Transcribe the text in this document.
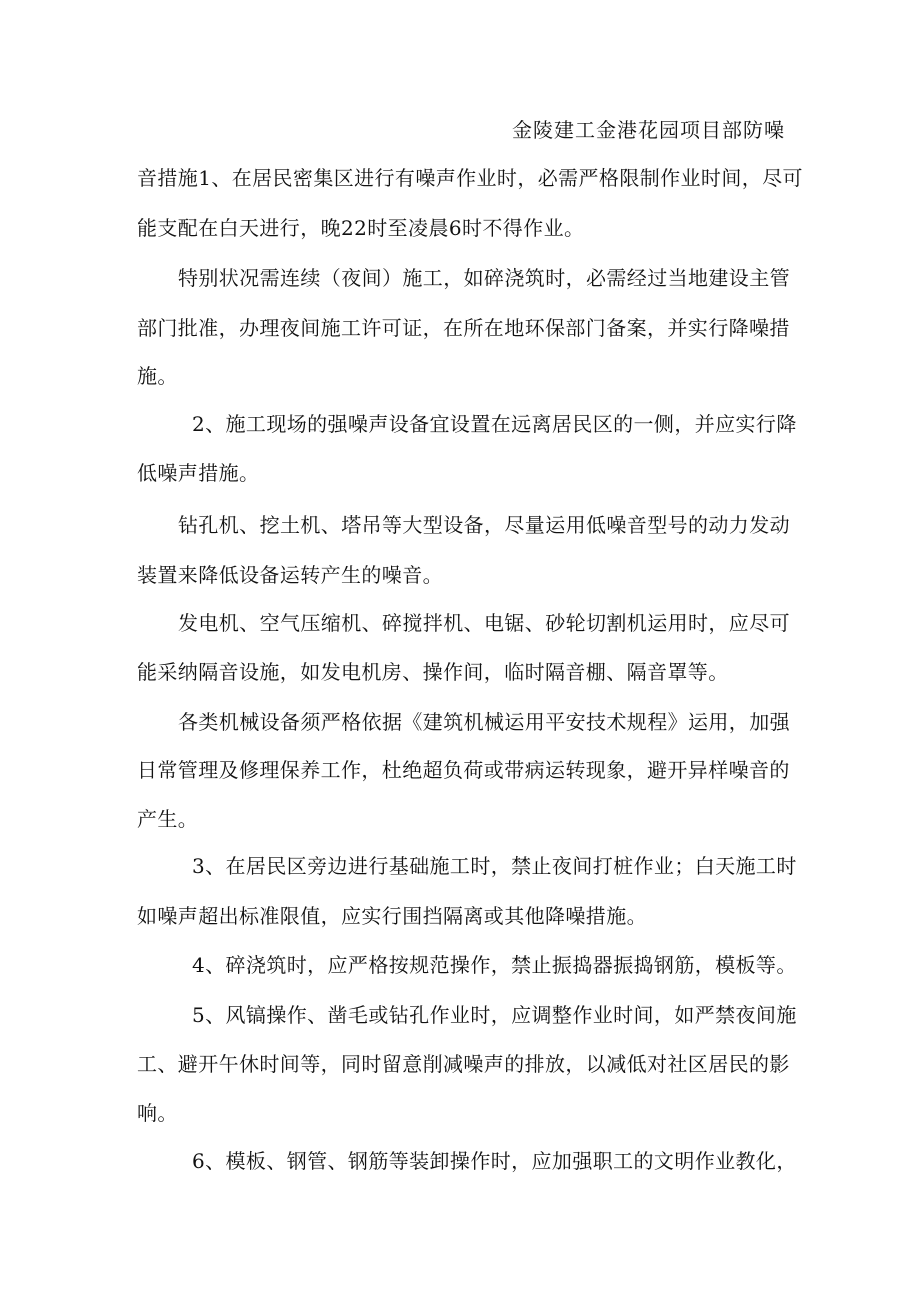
金陵建工金港花园项目部防噪
音措施1、在居民密集区进行有噪声作业时，必需严格限制作业时间，尽可
能支配在白天进行，晚22时至凌晨6时不得作业。
特别状况需连续（夜间）施工，如碎浇筑时，必需经过当地建设主管
部门批准，办理夜间施工许可证，在所在地环保部门备案，并实行降噪措
施。
2、施工现场的强噪声设备宜设置在远离居民区的一侧，并应实行降
低噪声措施。
钻孔机、挖土机、塔吊等大型设备，尽量运用低噪音型号的动力发动
装置来降低设备运转产生的噪音。
发电机、空气压缩机、碎搅拌机、电锯、砂轮切割机运用时，应尽可
能采纳隔音设施，如发电机房、操作间，临时隔音棚、隔音罩等。
各类机械设备须严格依据《建筑机械运用平安技术规程》运用，加强
日常管理及修理保养工作，杜绝超负荷或带病运转现象，避开异样噪音的
产生。
3、在居民区旁边进行基础施工时，禁止夜间打桩作业；白天施工时
如噪声超出标准限值，应实行围挡隔离或其他降噪措施。
4、碎浇筑时，应严格按规范操作，禁止振捣器振捣钢筋，模板等。
5、风镐操作、凿毛或钻孔作业时，应调整作业时间，如严禁夜间施
工、避开午休时间等，同时留意削减噪声的排放，以减低对社区居民的影
响。
6、模板、钢管、钢筋等装卸操作时，应加强职工的文明作业教化，
